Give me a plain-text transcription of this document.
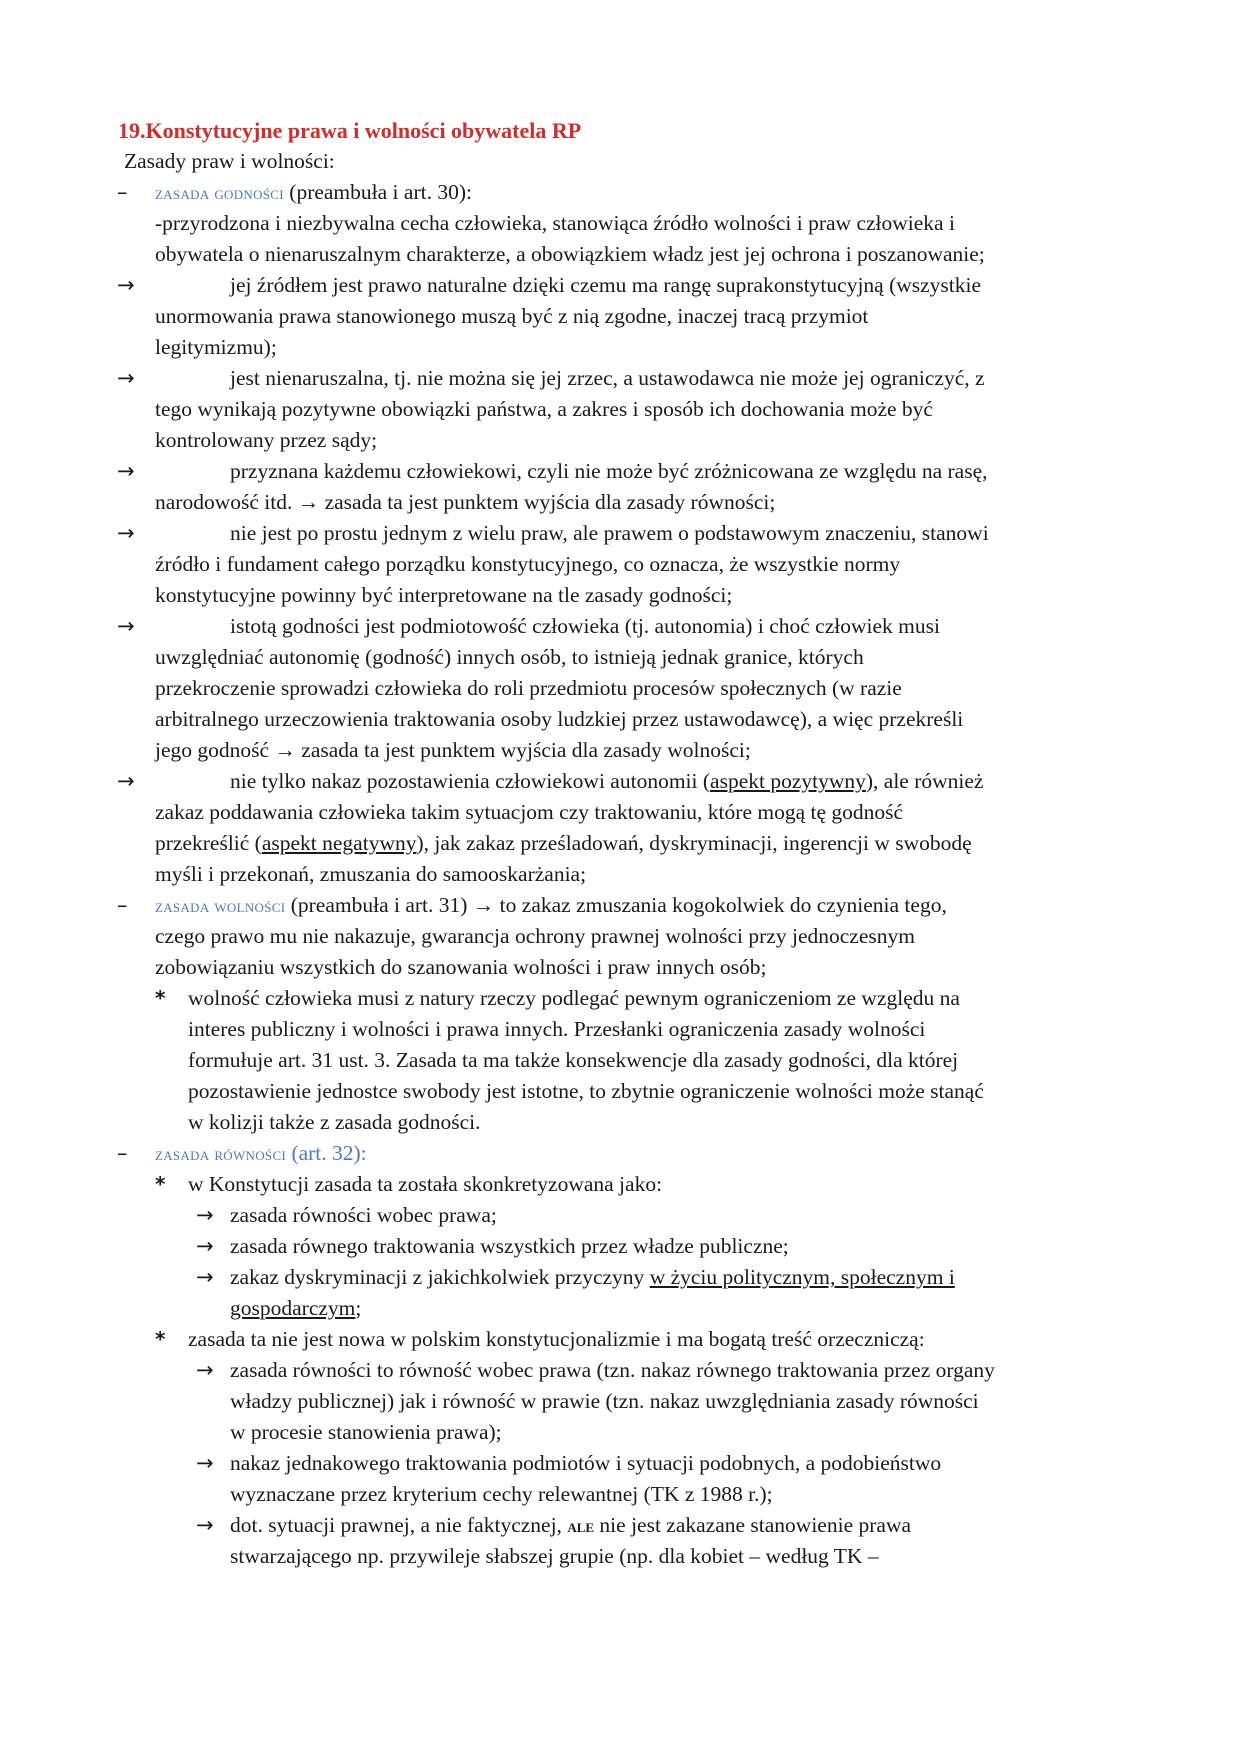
19.Konstytucyjne prawa i wolności obywatela RP
Zasady praw i wolności:
– zasada godności (preambuła i art. 30):
-przyrodzona i niezbywalna cecha człowieka, stanowiąca źródło wolności i praw człowieka i
obywatela o nienaruszalnym charakterze, a obowiązkiem władz jest jej ochrona i poszanowanie;
→	jej źródłem jest prawo naturalne dzięki czemu ma rangę suprakonstytucyjną (wszystkie
unormowania prawa stanowionego muszą być z nią zgodne, inaczej tracą przymiot
legitymizmu);
→	jest nienaruszalna, tj. nie można się jej zrzec, a ustawodawca nie może jej ograniczyć, z
tego wynikają pozytywne obowiązki państwa, a zakres i sposób ich dochowania może być
kontrolowany przez sądy;
→	przyznana każdemu człowiekowi, czyli nie może być zróżnicowana ze względu na rasę,
narodowość itd. → zasada ta jest punktem wyjścia dla zasady równości;
→	nie jest po prostu jednym z wielu praw, ale prawem o podstawowym znaczeniu, stanowi
źródło i fundament całego porządku konstytucyjnego, co oznacza, że wszystkie normy
konstytucyjne powinny być interpretowane na tle zasady godności;
→	istotą godności jest podmiotowość człowieka (tj. autonomia) i choć człowiek musi
uwzględniać autonomię (godność) innych osób, to istnieją jednak granice, których
przekroczenie sprowadzi człowieka do roli przedmiotu procesów społecznych (w razie
arbitralnego urzeczowienia traktowania osoby ludzkiej przez ustawodawcę), a więc przekreśli
jego godność → zasada ta jest punktem wyjścia dla zasady wolności;
→	nie tylko nakaz pozostawienia człowiekowi autonomii (aspekt pozytywny), ale również
zakaz poddawania człowieka takim sytuacjom czy traktowaniu, które mogą tę godność
przekreślić (aspekt negatywny), jak zakaz prześladowań, dyskryminacji, ingerencji w swobodę
myśli i przekonań, zmuszania do samooskarżania;
– zasada wolności (preambuła i art. 31) → to zakaz zmuszania kogokolwiek do czynienia tego,
czego prawo mu nie nakazuje, gwarancja ochrony prawnej wolności przy jednoczesnym
zobowiązaniu wszystkich do szanowania wolności i praw innych osób;
* wolność człowieka musi z natury rzeczy podlegać pewnym ograniczeniom ze względu na
interes publiczny i wolności i prawa innych. Przesłanki ograniczenia zasady wolności
formułuje art. 31 ust. 3. Zasada ta ma także konsekwencje dla zasady godności, dla której
pozostawienie jednostce swobody jest istotne, to zbytnie ograniczenie wolności może stanąć
w kolizji także z zasada godności.
– zasada równości (art. 32):
* w Konstytucji zasada ta została skonkretyzowana jako:
→ zasada równości wobec prawa;
→ zasada równego traktowania wszystkich przez władze publiczne;
→ zakaz dyskryminacji z jakichkolwiek przyczyny w życiu politycznym, społecznym i
gospodarczym;
* zasada ta nie jest nowa w polskim konstytucjonalizmie i ma bogatą treść orzeczniczą:
→ zasada równości to równość wobec prawa (tzn. nakaz równego traktowania przez organy
władzy publicznej) jak i równość w prawie (tzn. nakaz uwzględniania zasady równości
w procesie stanowienia prawa);
→ nakaz jednakowego traktowania podmiotów i sytuacji podobnych, a podobieństwo
wyznaczane przez kryterium cechy relewantnej (TK z 1988 r.);
→ dot. sytuacji prawnej, a nie faktycznej, ale nie jest zakazane stanowienie prawa
stwarzającego np. przywileje słabszej grupie (np. dla kobiet – według TK –
